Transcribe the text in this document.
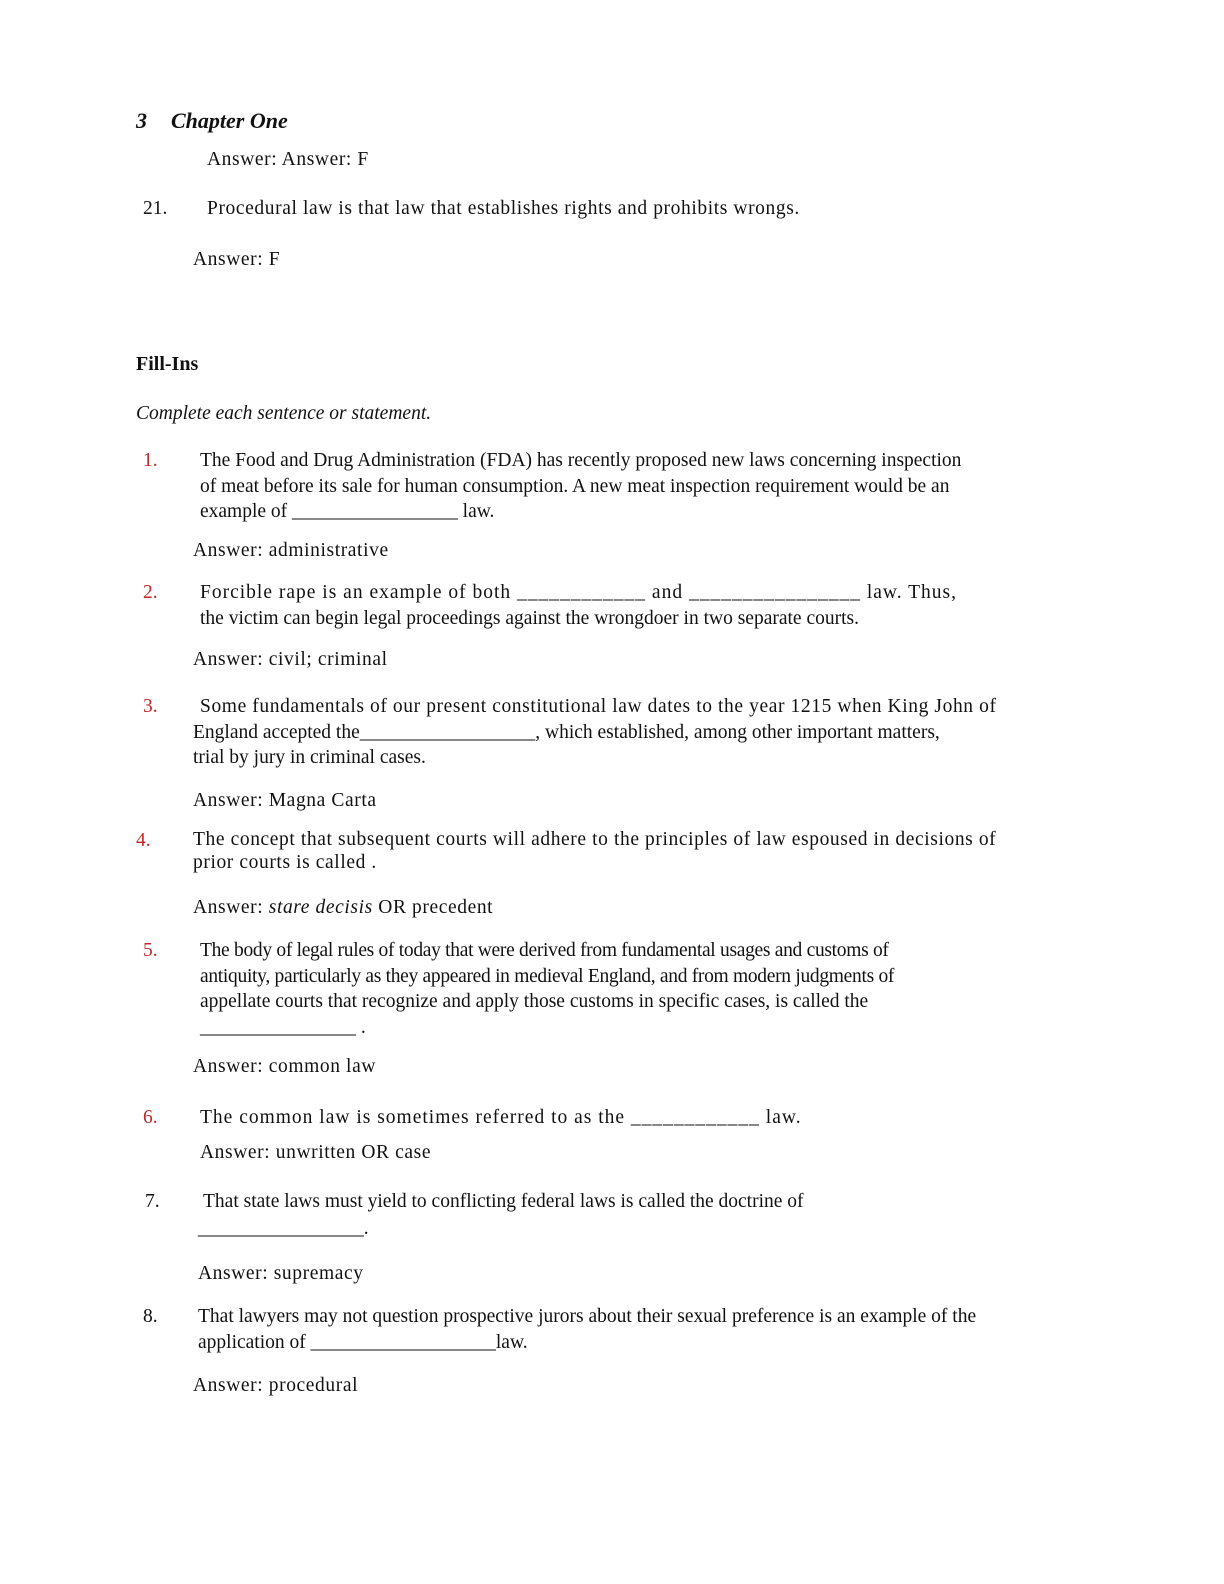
3 Chapter One
Answer: Answer: F
21. Procedural law is that law that establishes rights and prohibits wrongs.
Answer: F
Fill-Ins
Complete each sentence or statement.
1. The Food and Drug Administration (FDA) has recently proposed new laws concerning inspection
of meat before its sale for human consumption. A new meat inspection requirement would be an
example of _________________ law.
Answer: administrative
2. Forcible rape is an example of both ____________ and ________________ law. Thus,
the victim can begin legal proceedings against the wrongdoer in two separate courts.
Answer: civil; criminal
3. Some fundamentals of our present constitutional law dates to the year 1215 when King John of
England accepted the__________________, which established, among other important matters,
trial by jury in criminal cases.
Answer: Magna Carta
4. The concept that subsequent courts will adhere to the principles of law espoused in decisions of
prior courts is called .
Answer: stare decisis OR precedent
5. The body of legal rules of today that were derived from fundamental usages and customs of
antiquity, particularly as they appeared in medieval England, and from modern judgments of
appellate courts that recognize and apply those customs in specific cases, is called the
________________ .
Answer: common law
6. The common law is sometimes referred to as the ____________ law.
Answer: unwritten OR case
7. That state laws must yield to conflicting federal laws is called the doctrine of
_________________.
Answer: supremacy
8. That lawyers may not question prospective jurors about their sexual preference is an example of the
application of ___________________law.
Answer: procedural
